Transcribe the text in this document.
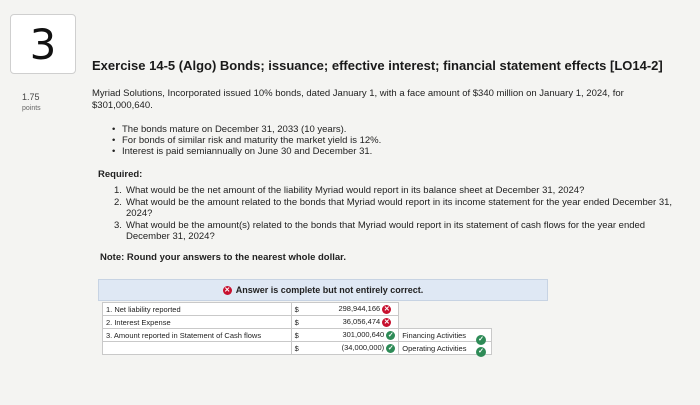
3
1.75
points
Exercise 14-5 (Algo) Bonds; issuance; effective interest; financial statement effects [LO14-2]
Myriad Solutions, Incorporated issued 10% bonds, dated January 1, with a face amount of $340 million on January 1, 2024, for $301,000,640.
• The bonds mature on December 31, 2033 (10 years).
• For bonds of similar risk and maturity the market yield is 12%.
• Interest is paid semiannually on June 30 and December 31.
Required:
1. What would be the net amount of the liability Myriad would report in its balance sheet at December 31, 2024?
2. What would be the amount related to the bonds that Myriad would report in its income statement for the year ended December 31, 2024?
3. What would be the amount(s) related to the bonds that Myriad would report in its statement of cash flows for the year ended December 31, 2024?
Note: Round your answers to the nearest whole dollar.
✕ Answer is complete but not entirely correct.
1. Net liability reported	$	298,944,166 ✕	
2. Interest Expense	$	36,056,474 ✕	
3. Amount reported in Statement of Cash flows	$	301,000,640 ✓	Financing Activities
	$	(34,000,000) ✓	Operating Activities
✓
✓
